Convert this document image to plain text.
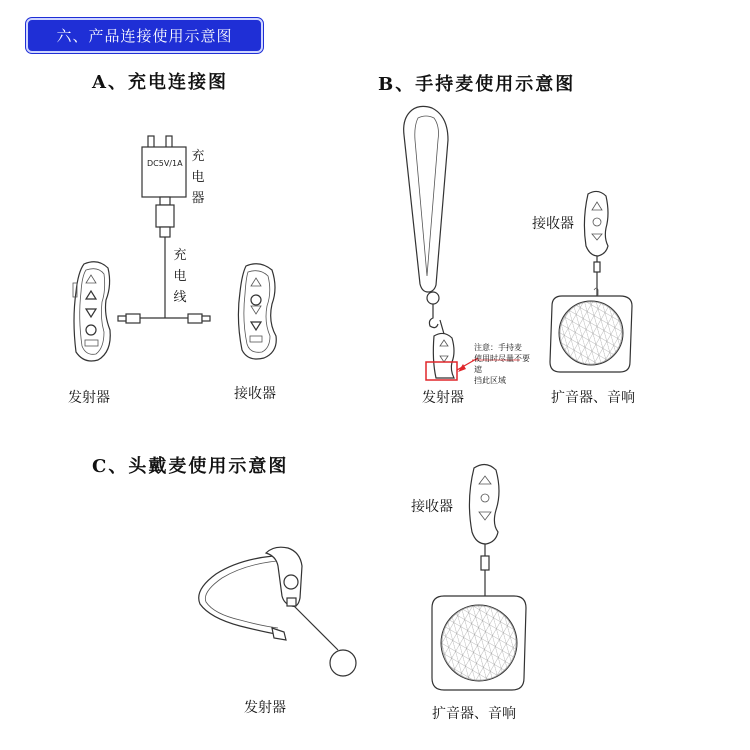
六、产品连接使用示意图
A、充电连接图	B、手持麦使用示意图
C、头戴麦使用示意图
DC5V/1A 充电器
充电线
发射器	接收器
接收器
注意：手持麦
使用时尽量不要遮
挡此区域
发射器	扩音器、音响
接收器
发射器	扩音器、音响
